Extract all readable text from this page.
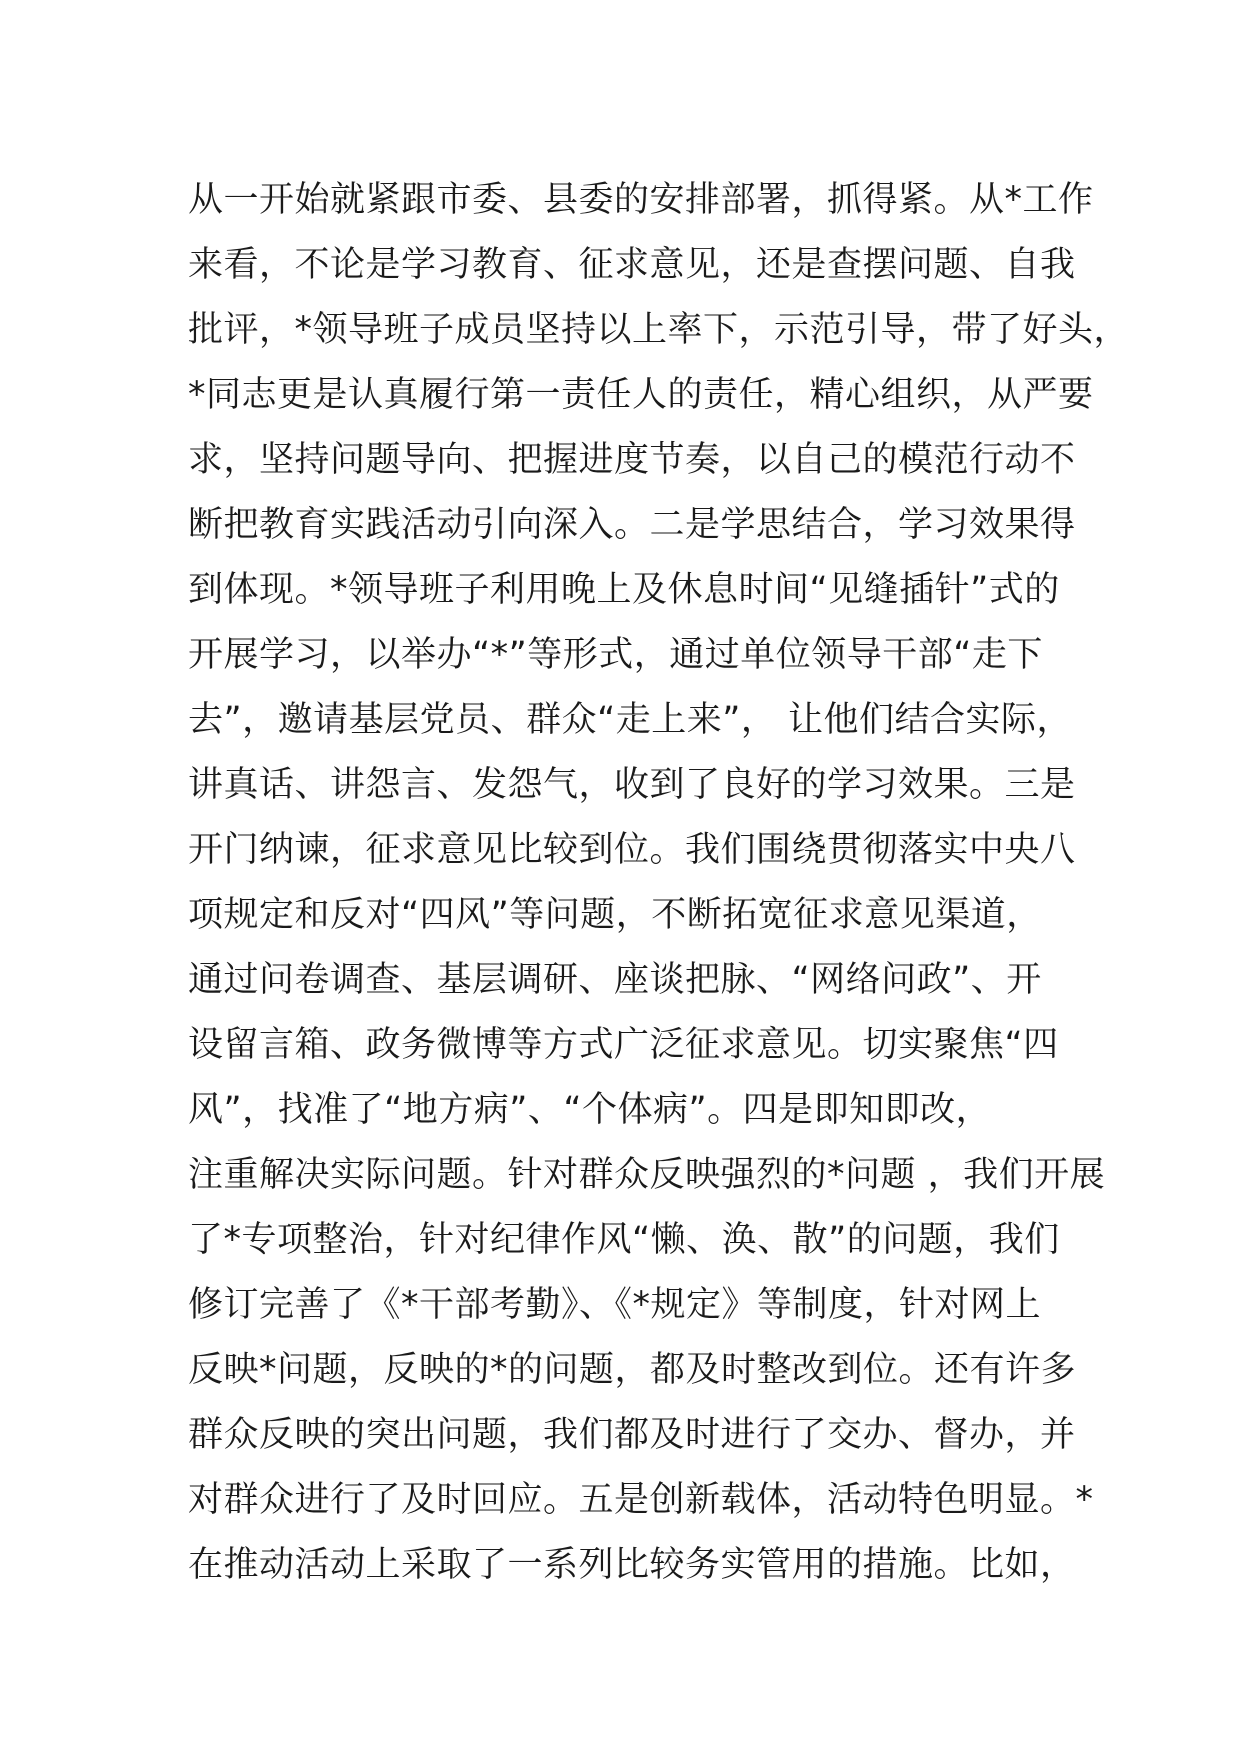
从一开始就紧跟市委、县委的安排部署，抓得紧。从*工作
来看，不论是学习教育、征求意见，还是查摆问题、自我
批评，*领导班子成员坚持以上率下，示范引导，带了好头，
*同志更是认真履行第一责任人的责任，精心组织，从严要
求，坚持问题导向、把握进度节奏，以自己的模范行动不
断把教育实践活动引向深入。二是学思结合，学习效果得
到体现。*领导班子利用晚上及休息时间“见缝插针”式的
开展学习，以举办“*”等形式，通过单位领导干部“走下
去”，邀请基层党员、群众“走上来”， 让他们结合实际，
讲真话、讲怨言、发怨气，收到了良好的学习效果。三是
开门纳谏，征求意见比较到位。我们围绕贯彻落实中央八
项规定和反对“四风”等问题，不断拓宽征求意见渠道，
通过问卷调查、基层调研、座谈把脉、“网络问政”、开
设留言箱、政务微博等方式广泛征求意见。切实聚焦“四
风”，找准了“地方病”、“个体病”。四是即知即改，
注重解决实际问题。针对群众反映强烈的*问题 ，我们开展
了*专项整治，针对纪律作风“懒、涣、散”的问题，我们
修订完善了《*干部考勤》、《*规定》等制度，针对网上
反映*问题，反映的*的问题，都及时整改到位。还有许多
群众反映的突出问题，我们都及时进行了交办、督办，并
对群众进行了及时回应。五是创新载体，活动特色明显。*
在推动活动上采取了一系列比较务实管用的措施。比如，
